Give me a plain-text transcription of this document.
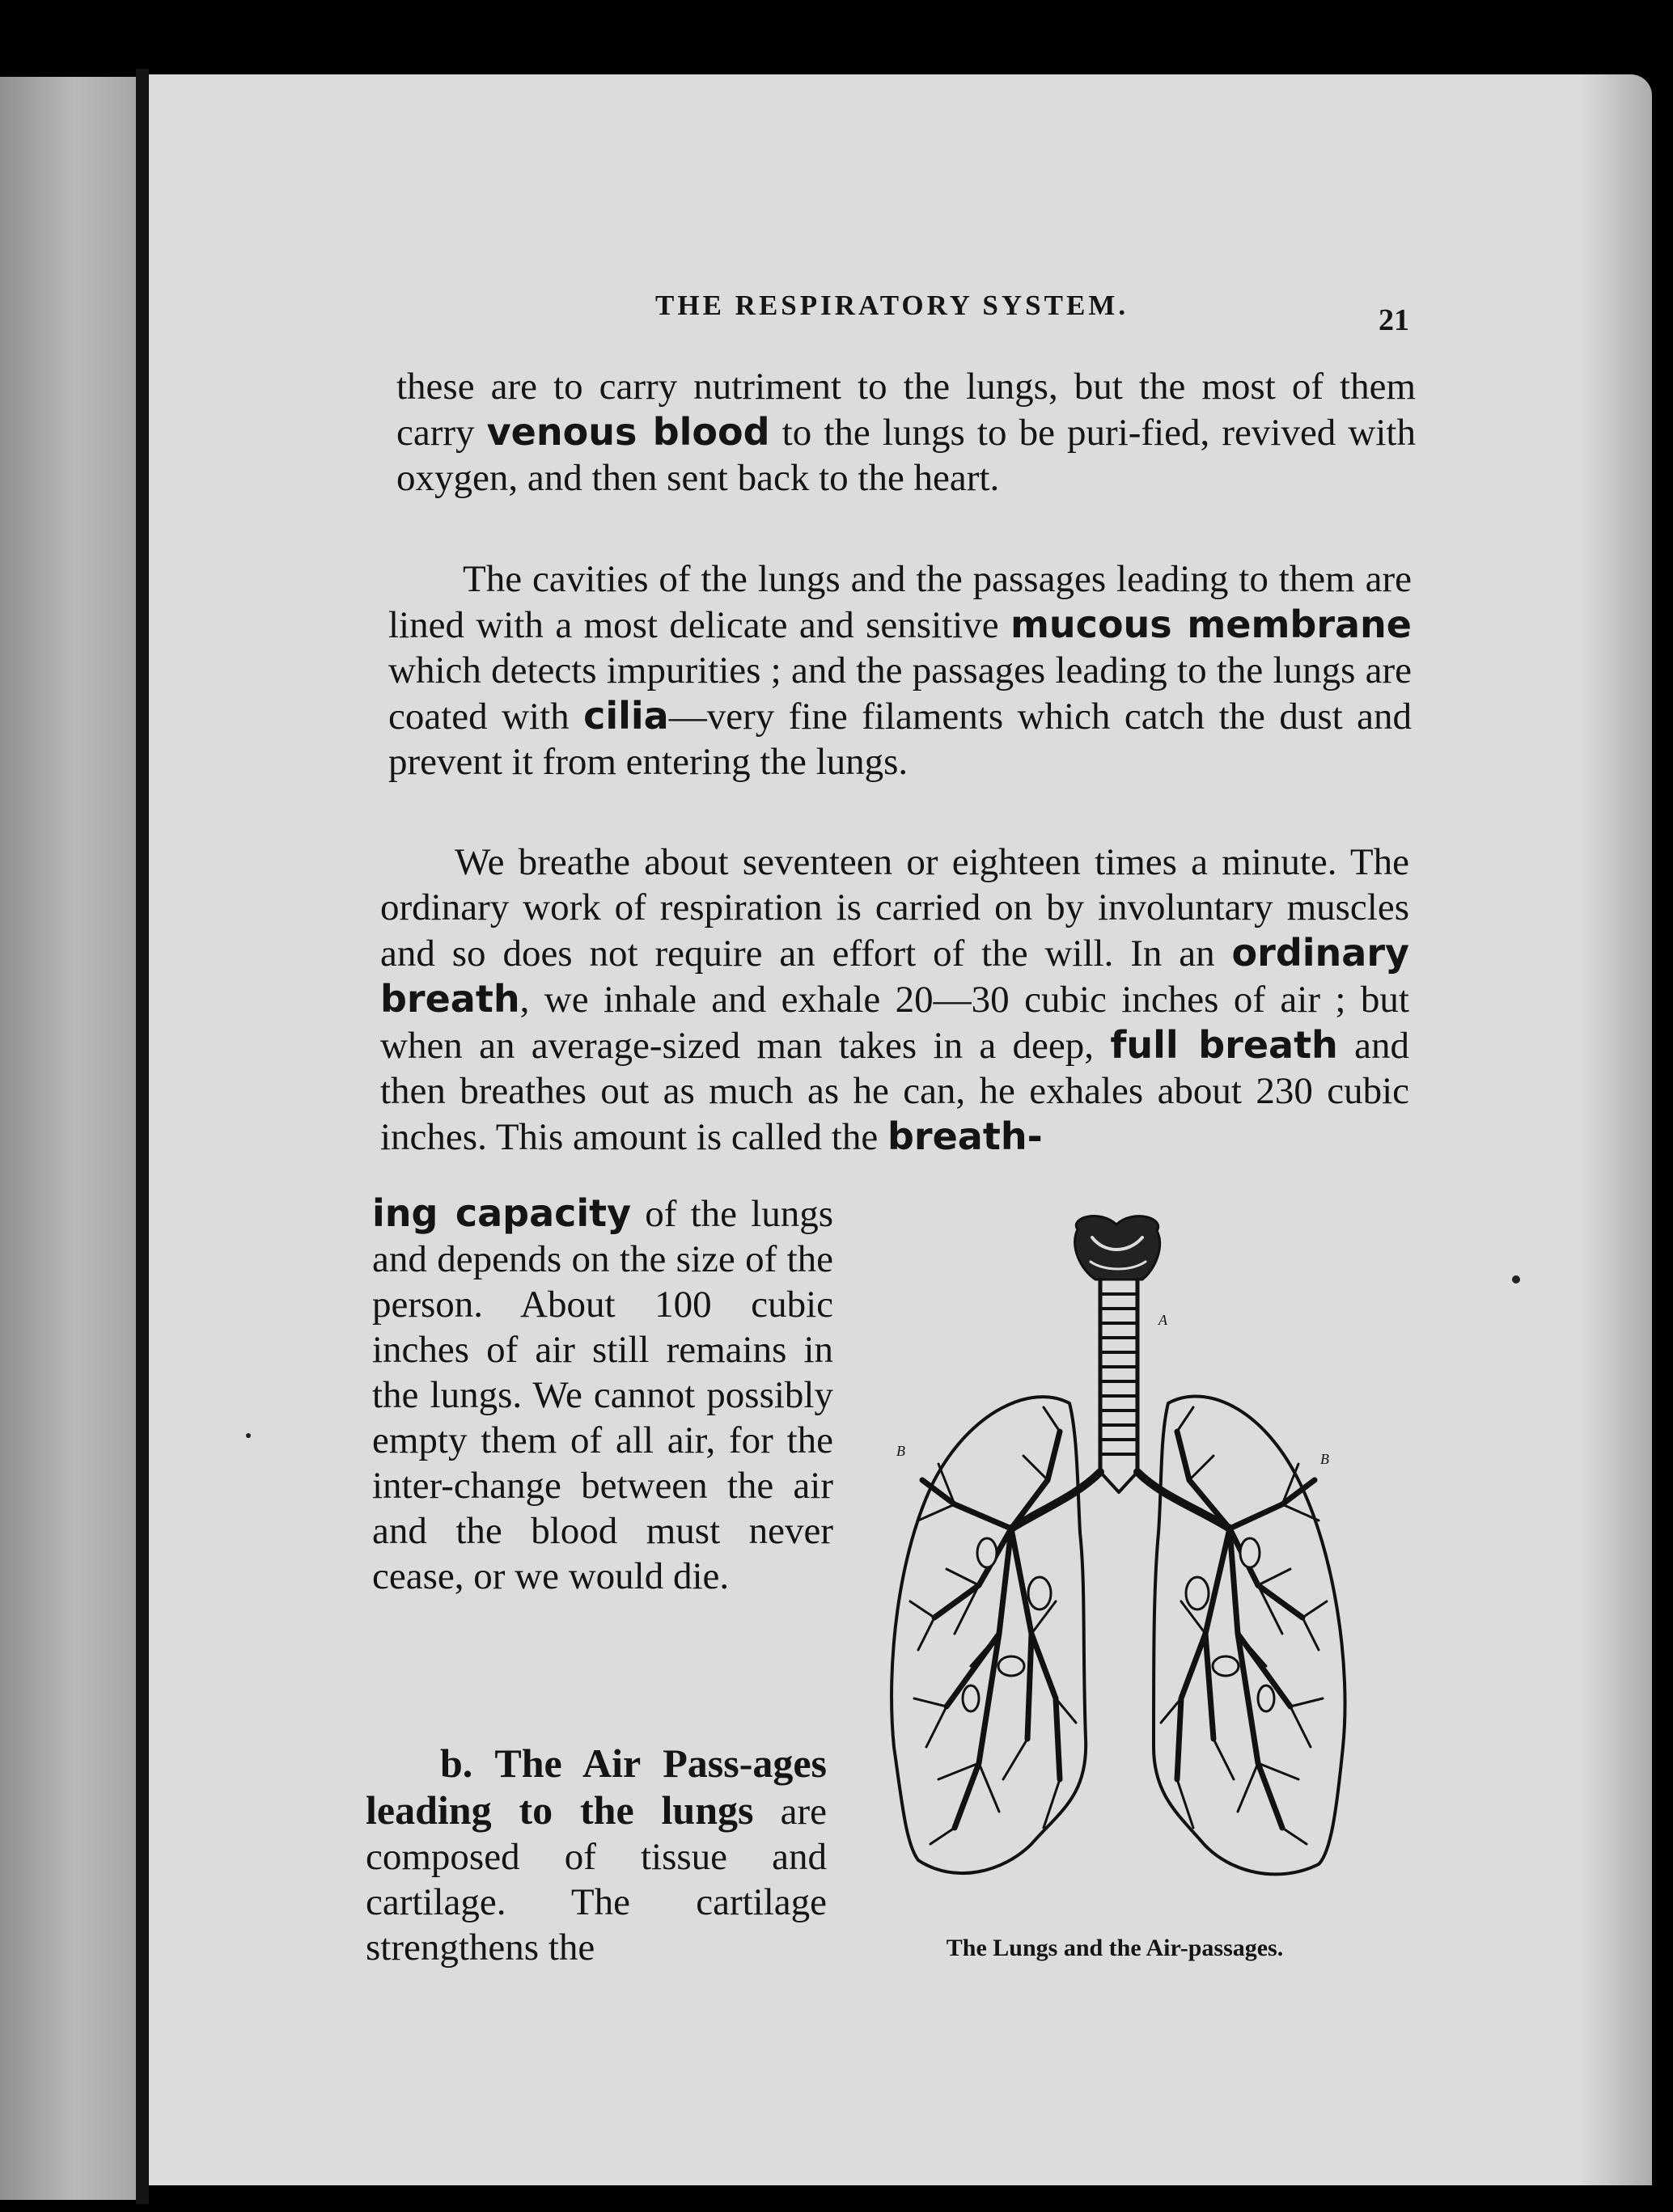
THE RESPIRATORY SYSTEM.	21

these are to carry nutriment to the lungs, but the most of them carry venous blood to the lungs to be puri-fied, revived with oxygen, and then sent back to the heart.

The cavities of the lungs and the passages leading to them are lined with a most delicate and sensitive mucous membrane which detects impurities ; and the passages leading to the lungs are coated with cilia—very fine filaments which catch the dust and prevent it from entering the lungs.

We breathe about seventeen or eighteen times a minute. The ordinary work of respiration is carried on by involuntary muscles and so does not require an effort of the will. In an ordinary breath, we inhale and exhale 20—30 cubic inches of air ; but when an average-sized man takes in a deep, full breath and then breathes out as much as he can, he exhales about 230 cubic inches. This amount is called the breath-

ing capacity of the lungs and depends on the size of the person. About 100 cubic inches of air still remains in the lungs. We cannot possibly empty them of all air, for the inter-change between the air and the blood must never cease, or we would die.

b. The Air Pass-ages leading to the lungs are composed of tissue and cartilage. The cartilage strengthens the

A
B	B

The Lungs and the Air-passages.
